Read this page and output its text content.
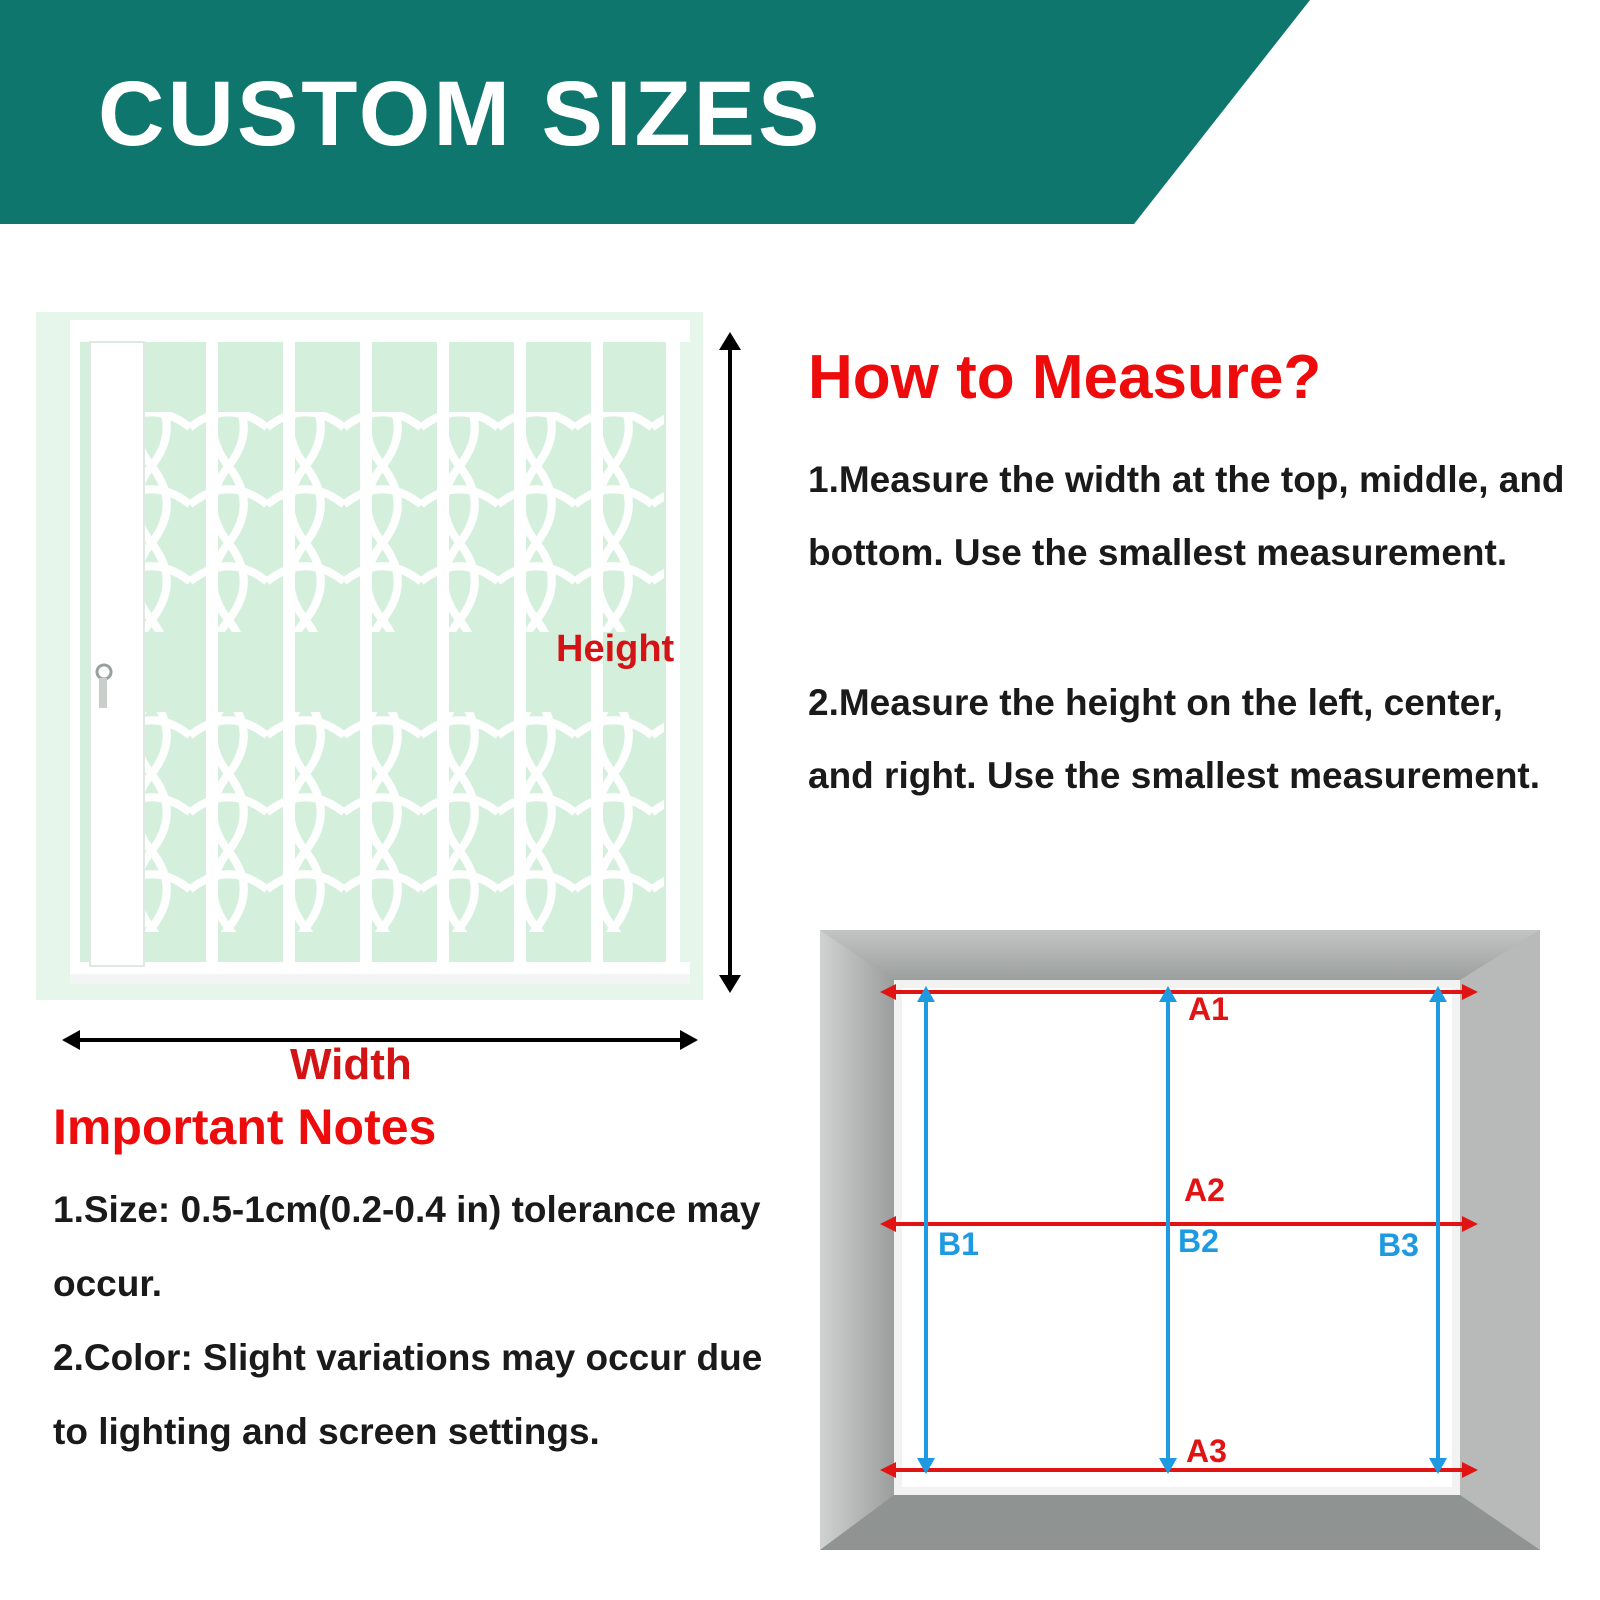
CUSTOM SIZES
Height
Width
How to Measure?
1.Measure the width at the top, middle, and bottom. Use the smallest measurement.
2.Measure the height on the left, center, and right. Use the smallest measurement.
Important Notes
1.Size: 0.5-1cm(0.2-0.4 in) tolerance may occur.
2.Color: Slight variations may occur due to lighting and screen settings.
A1
A2
A3
B1	B2	B3
